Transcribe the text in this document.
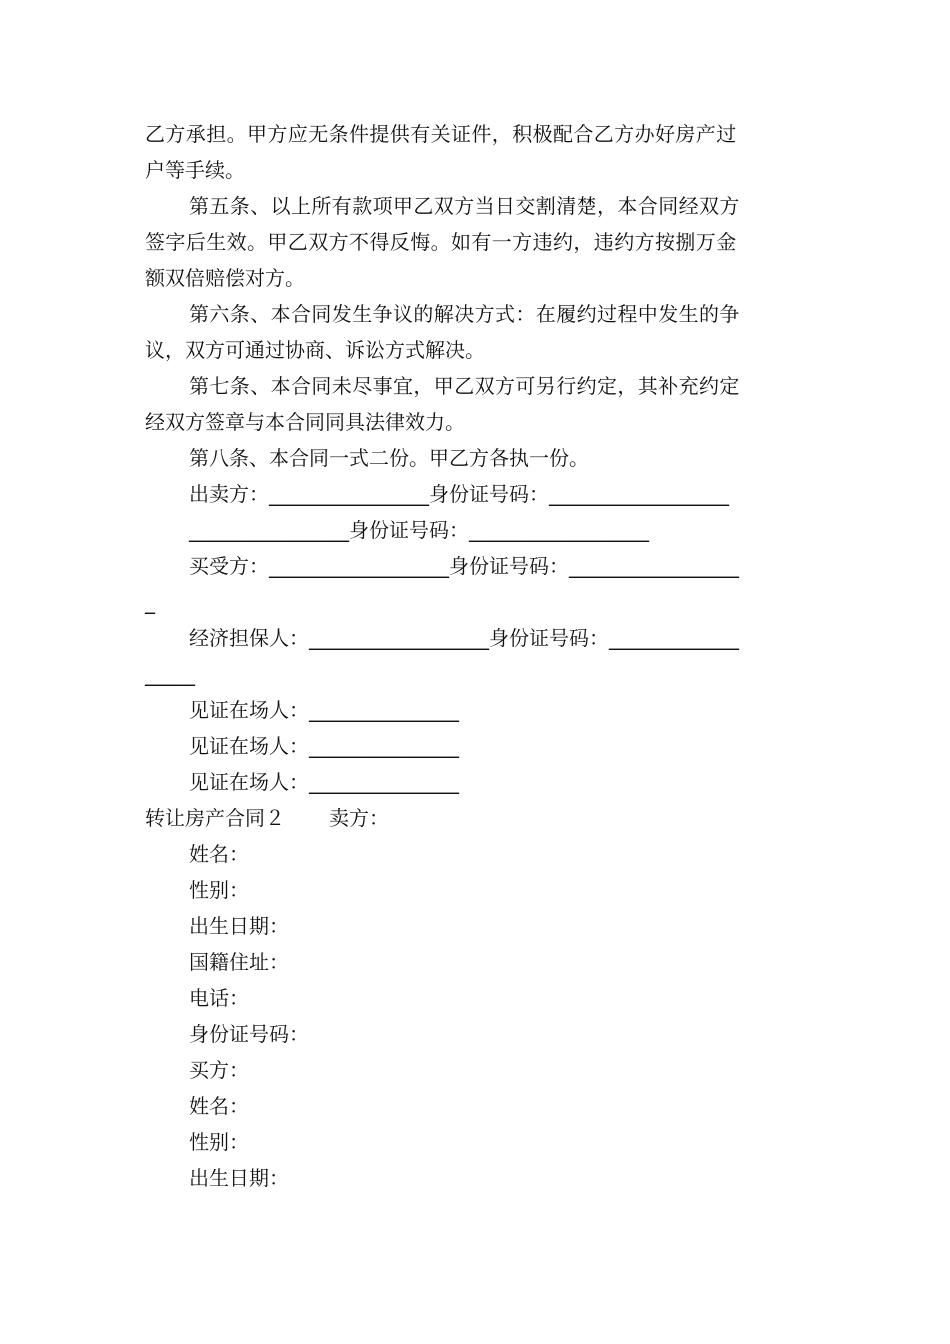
乙方承担。甲方应无条件提供有关证件，积极配合乙方办好房产过
户等手续。
第五条、以上所有款项甲乙双方当日交割清楚，本合同经双方
签字后生效。甲乙双方不得反悔。如有一方违约，违约方按捌万金
额双倍赔偿对方。
第六条、本合同发生争议的解决方式：在履约过程中发生的争
议，双方可通过协商、诉讼方式解决。
第七条、本合同未尽事宜，甲乙双方可另行约定，其补充约定
经双方签章与本合同同具法律效力。
第八条、本合同一式二份。甲乙方各执一份。
出卖方：________________身份证号码：__________________
________________身份证号码：__________________
买受方：__________________身份证号码：_________________
_
经济担保人：__________________身份证号码：_____________
_____
见证在场人：_______________
见证在场人：_______________
见证在场人：_______________
转让房产合同２ 卖方：
姓名：
性别：
出生日期：
国籍住址：
电话：
身份证号码：
买方：
姓名：
性别：
出生日期：
